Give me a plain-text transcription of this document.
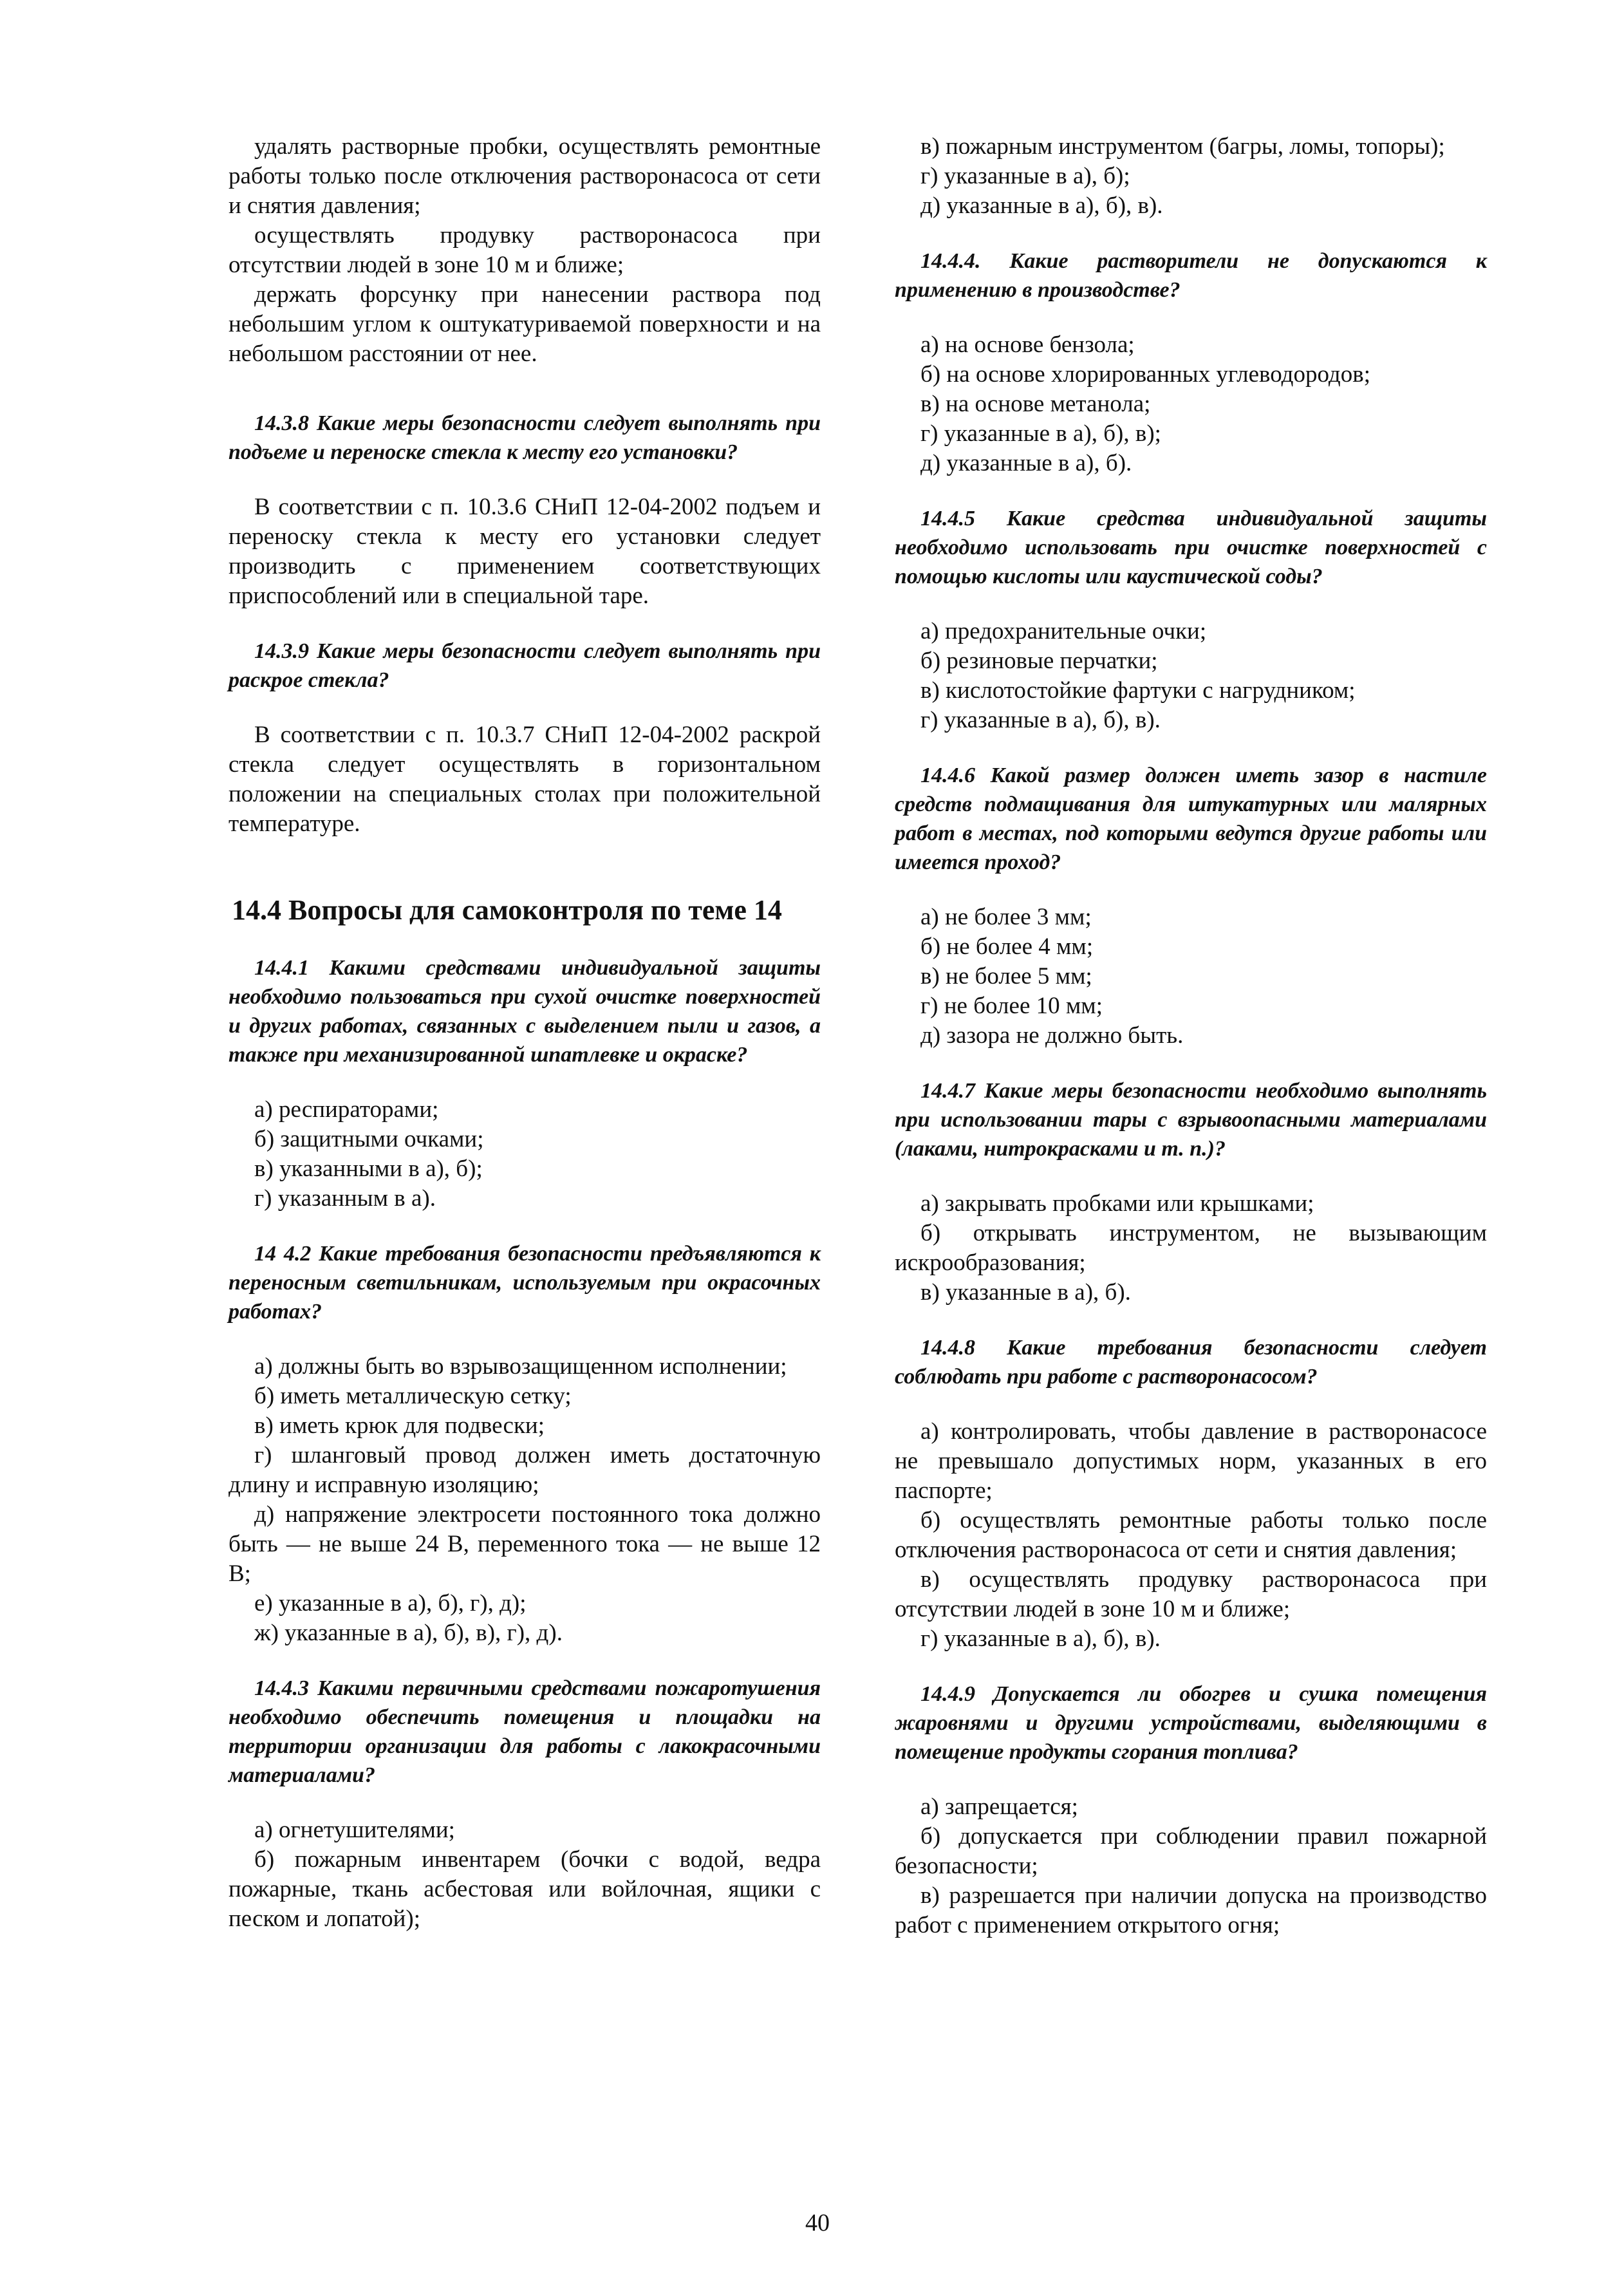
удалять растворные пробки, осуществлять ремонтные работы только после отключения растворонасоса от сети и снятия давления;

осуществлять продувку растворонасоса при отсутствии людей в зоне 10 м и ближе;

держать форсунку при нанесении раствора под небольшим углом к оштукатуриваемой поверхности и на небольшом расстоянии от нее.

14.3.8 Какие меры безопасности следует выполнять при подъеме и переноске стекла к месту его установки?

В соответствии с п. 10.3.6 СНиП 12-04-2002 подъем и переноску стекла к месту его установки следует производить с применением соответствующих приспособлений или в специальной таре.

14.3.9 Какие меры безопасности следует выполнять при раскрое стекла?

В соответствии с п. 10.3.7 СНиП 12-04-2002 раскрой стекла следует осуществлять в горизонтальном положении на специальных столах при положительной температуре.

14.4 Вопросы для самоконтроля по теме 14

14.4.1 Какими средствами индивидуальной защиты необходимо пользоваться при сухой очистке поверхностей и других работах, связанных с выделением пыли и газов, а также при механизированной шпатлевке и окраске?

а) респираторами;

б) защитными очками;

в) указанными в а), б);

г) указанным в а).

14 4.2 Какие требования безопасности предъявляются к переносным светильникам, используемым при окрасочных работах?

а) должны быть во взрывозащищенном исполнении;

б) иметь металлическую сетку;

в) иметь крюк для подвески;

г) шланговый провод должен иметь достаточную длину и исправную изоляцию;

д) напряжение электросети постоянного тока должно быть — не выше 24 В, переменного тока — не выше 12 В;

е) указанные в а), б), г), д);

ж) указанные в а), б), в), г), д).

14.4.3 Какими первичными средствами пожаротушения необходимо обеспечить помещения и площадки на территории организации для работы с лакокрасочными материалами?

а) огнетушителями;

б) пожарным инвентарем (бочки с водой, ведра пожарные, ткань асбестовая или войлочная, ящики с песком и лопатой);

в) пожарным инструментом (багры, ломы, топоры);

г) указанные в а), б);

д) указанные в а), б), в).

14.4.4. Какие растворители не допускаются к применению в производстве?

а) на основе бензола;

б) на основе хлорированных углеводородов;

в) на основе метанола;

г) указанные в а), б), в);

д) указанные в а), б).

14.4.5 Какие средства индивидуальной защиты необходимо использовать при очистке поверхностей с помощью кислоты или каустической соды?

а) предохранительные очки;

б) резиновые перчатки;

в) кислотостойкие фартуки с нагрудником;

г) указанные в а), б), в).

14.4.6 Какой размер должен иметь зазор в настиле средств подмащивания для штукатурных или малярных работ в местах, под которыми ведутся другие работы или имеется проход?

а) не более 3 мм;

б) не более 4 мм;

в) не более 5 мм;

г) не более 10 мм;

д) зазора не должно быть.

14.4.7 Какие меры безопасности необходимо выполнять при использовании тары с взрывоопасными материалами (лаками, нитрокрасками и т. п.)?

а) закрывать пробками или крышками;

б) открывать инструментом, не вызывающим искрообразования;

в) указанные в а), б).

14.4.8 Какие требования безопасности следует соблюдать при работе с растворонасосом?

а) контролировать, чтобы давление в растворонасосе не превышало допустимых норм, указанных в его паспорте;

б) осуществлять ремонтные работы только после отключения растворонасоса от сети и снятия давления;

в) осуществлять продувку растворонасоса при отсутствии людей в зоне 10 м и ближе;

г) указанные в а), б), в).

14.4.9 Допускается ли обогрев и сушка помещения жаровнями и другими устройствами, выделяющими в помещение продукты сгорания топлива?

а) запрещается;

б) допускается при соблюдении правил пожарной безопасности;

в) разрешается при наличии допуска на производство работ с применением открытого огня;

40
